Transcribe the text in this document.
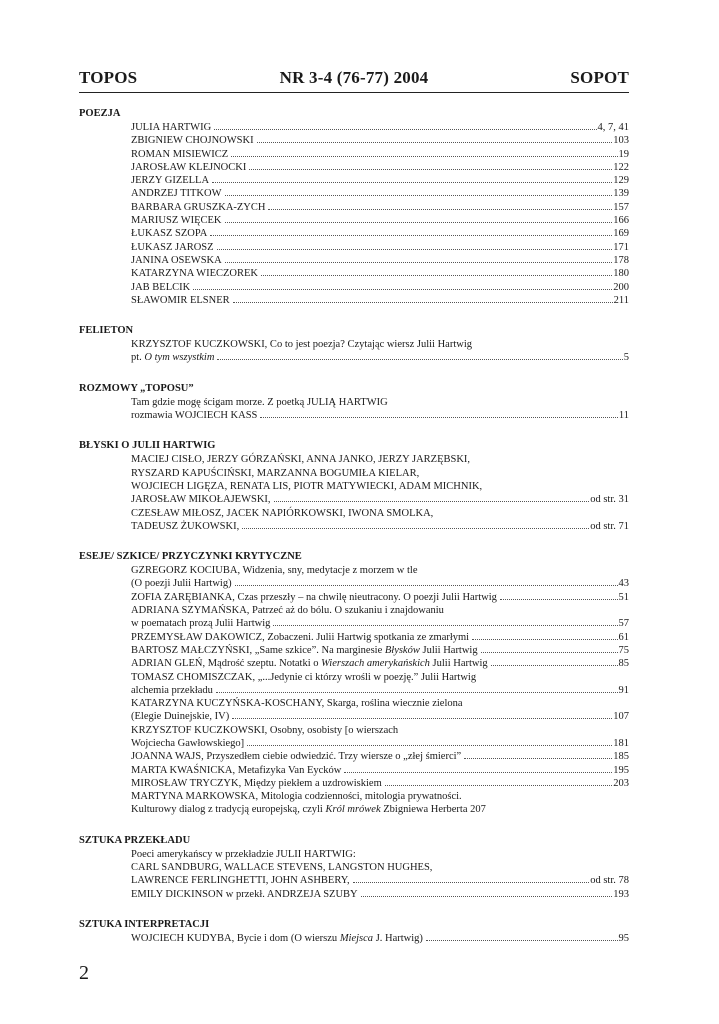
TOPOS	NR 3-4 (76-77) 2004	SOPOT
POEZJA
JULIA HARTWIG	4, 7, 41
ZBIGNIEW CHOJNOWSKI	103
ROMAN MISIEWICZ	19
JAROSŁAW KLEJNOCKI	122
JERZY GIZELLA	129
ANDRZEJ TITKOW	139
BARBARA GRUSZKA-ZYCH	157
MARIUSZ WIĘCEK	166
ŁUKASZ SZOPA	169
ŁUKASZ JAROSZ	171
JANINA OSEWSKA	178
KATARZYNA WIECZOREK	180
JAB BELCIK	200
SŁAWOMIR ELSNER	211
FELIETON
KRZYSZTOF KUCZKOWSKI, Co to jest poezja? Czytając wiersz Julii Hartwig
pt. O tym wszystkim	5
ROZMOWY „TOPOSU”
Tam gdzie mogę ścigam morze. Z poetką JULIĄ HARTWIG
rozmawia WOJCIECH KASS	11
BŁYSKI O JULII HARTWIG
MACIEJ CISŁO, JERZY GÓRZAŃSKI, ANNA JANKO, JERZY JARZĘBSKI,
RYSZARD KAPUŚCIŃSKI, MARZANNA BOGUMIŁA KIELAR,
WOJCIECH LIGĘZA, RENATA LIS, PIOTR MATYWIECKI, ADAM MICHNIK,
JAROSŁAW MIKOŁAJEWSKI,	od str. 31
CZESŁAW MIŁOSZ, JACEK NAPIÓRKOWSKI, IWONA SMOLKA,
TADEUSZ ŻUKOWSKI,	od str. 71
ESEJE/ SZKICE/ PRZYCZYNKI KRYTYCZNE
GZREGORZ KOCIUBA, Widzenia, sny, medytacje z morzem w tle
(O poezji Julii Hartwig)	43
ZOFIA ZARĘBIANKA, Czas przeszły – na chwilę nieutracony. O poezji Julii Hartwig	51
ADRIANA SZYMAŃSKA, Patrzeć aż do bólu. O szukaniu i znajdowaniu
w poematach prozą Julii Hartwig	57
PRZEMYSŁAW DAKOWICZ, Zobaczeni. Julii Hartwig spotkania ze zmarłymi	61
BARTOSZ MAŁCZYŃSKI, „Same szkice”. Na marginesie Błysków Julii Hartwig	75
ADRIAN GLEŃ, Mądrość szeptu. Notatki o Wierszach amerykańskich Julii Hartwig	85
TOMASZ CHOMISZCZAK, „...Jedynie ci którzy wrośli w poezję.” Julii Hartwig
alchemia przekładu	91
KATARZYNA KUCZYŃSKA-KOSCHANY, Skarga, roślina wiecznie zielona
(Elegie Duinejskie, IV)	107
KRZYSZTOF KUCZKOWSKI, Osobny, osobisty [o wierszach
Wojciecha Gawłowskiego]	181
JOANNA WAJS, Przyszedłem ciebie odwiedzić. Trzy wiersze o „złej śmierci”	185
MARTA KWAŚNICKA, Metafizyka Van Eycków	195
MIROSŁAW TRYCZYK, Między piekłem a uzdrowiskiem	203
MARTYNA MARKOWSKA, Mitologia codzienności, mitologia prywatności.
Kulturowy dialog z tradycją europejską, czyli Król mrówek Zbigniewa Herberta 207
SZTUKA PRZEKŁADU
Poeci amerykańscy w przekładzie JULII HARTWIG:
CARL SANDBURG, WALLACE STEVENS, LANGSTON HUGHES,
LAWRENCE FERLINGHETTI, JOHN ASHBERY,	od str. 78
EMILY DICKINSON w przekł. ANDRZEJA SZUBY	193
SZTUKA INTERPRETACJI
WOJCIECH KUDYBA, Bycie i dom (O wierszu Miejsca J. Hartwig)	95
2
